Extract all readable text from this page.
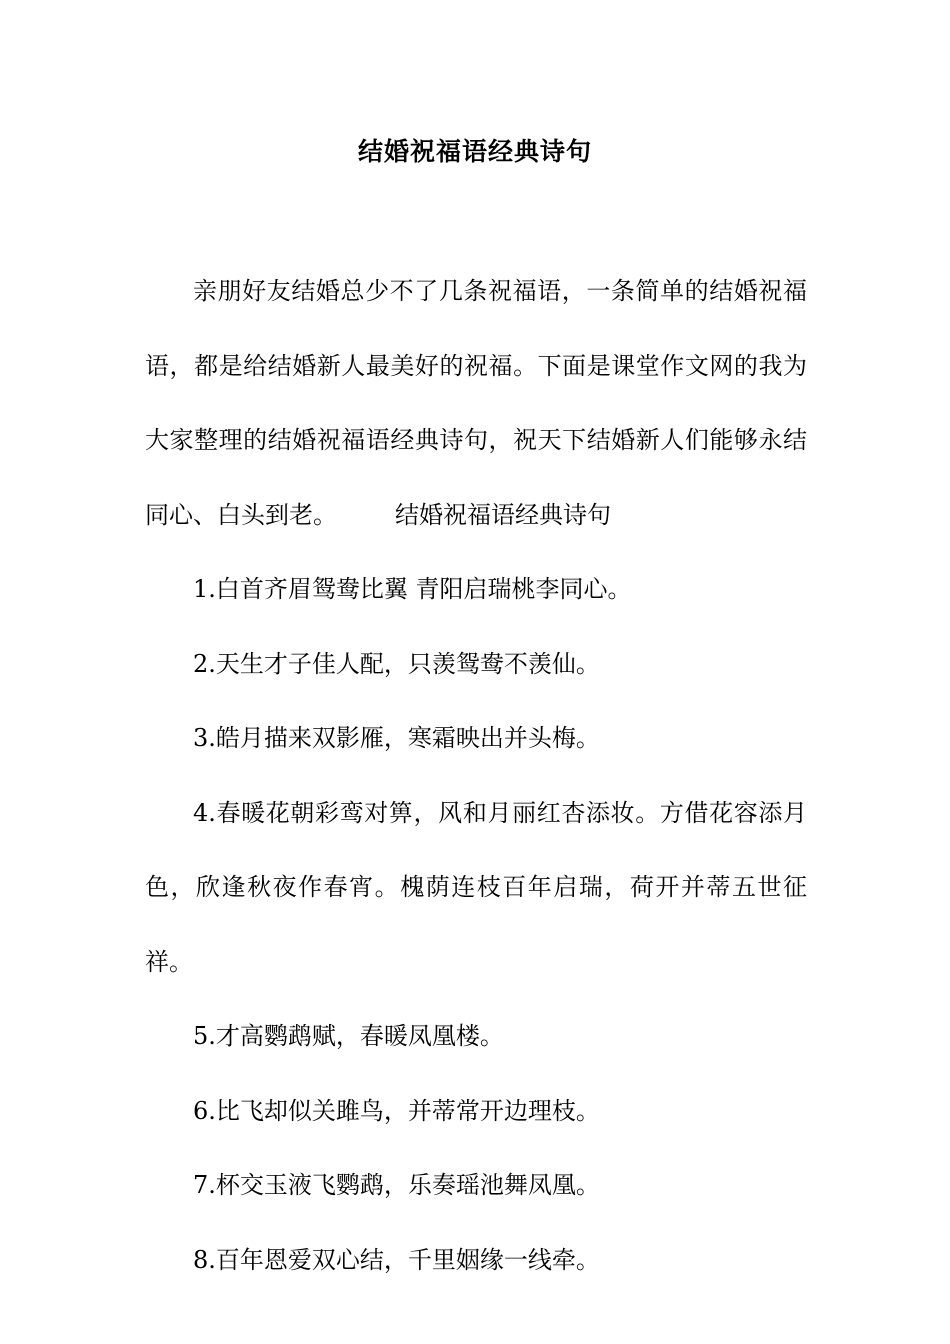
结婚祝福语经典诗句

亲朋好友结婚总少不了几条祝福语，一条简单的结婚祝福语，都是给结婚新人最美好的祝福。下面是课堂作文网的我为大家整理的结婚祝福语经典诗句，祝天下结婚新人们能够永结同心、白头到老。 结婚祝福语经典诗句

1.白首齐眉鸳鸯比翼 青阳启瑞桃李同心。

2.天生才子佳人配，只羡鸳鸯不羡仙。

3.皓月描来双影雁，寒霜映出并头梅。

4.春暖花朝彩鸾对箅，风和月丽红杏添妆。方借花容添月色，欣逢秋夜作春宵。槐荫连枝百年启瑞，荷开并蒂五世征祥。

5.才高鹦鹉赋，春暖凤凰楼。

6.比飞却似关雎鸟，并蒂常开边理枝。

7.杯交玉液飞鹦鹉，乐奏瑶池舞凤凰。

8.百年恩爱双心结，千里姻缘一线牵。
